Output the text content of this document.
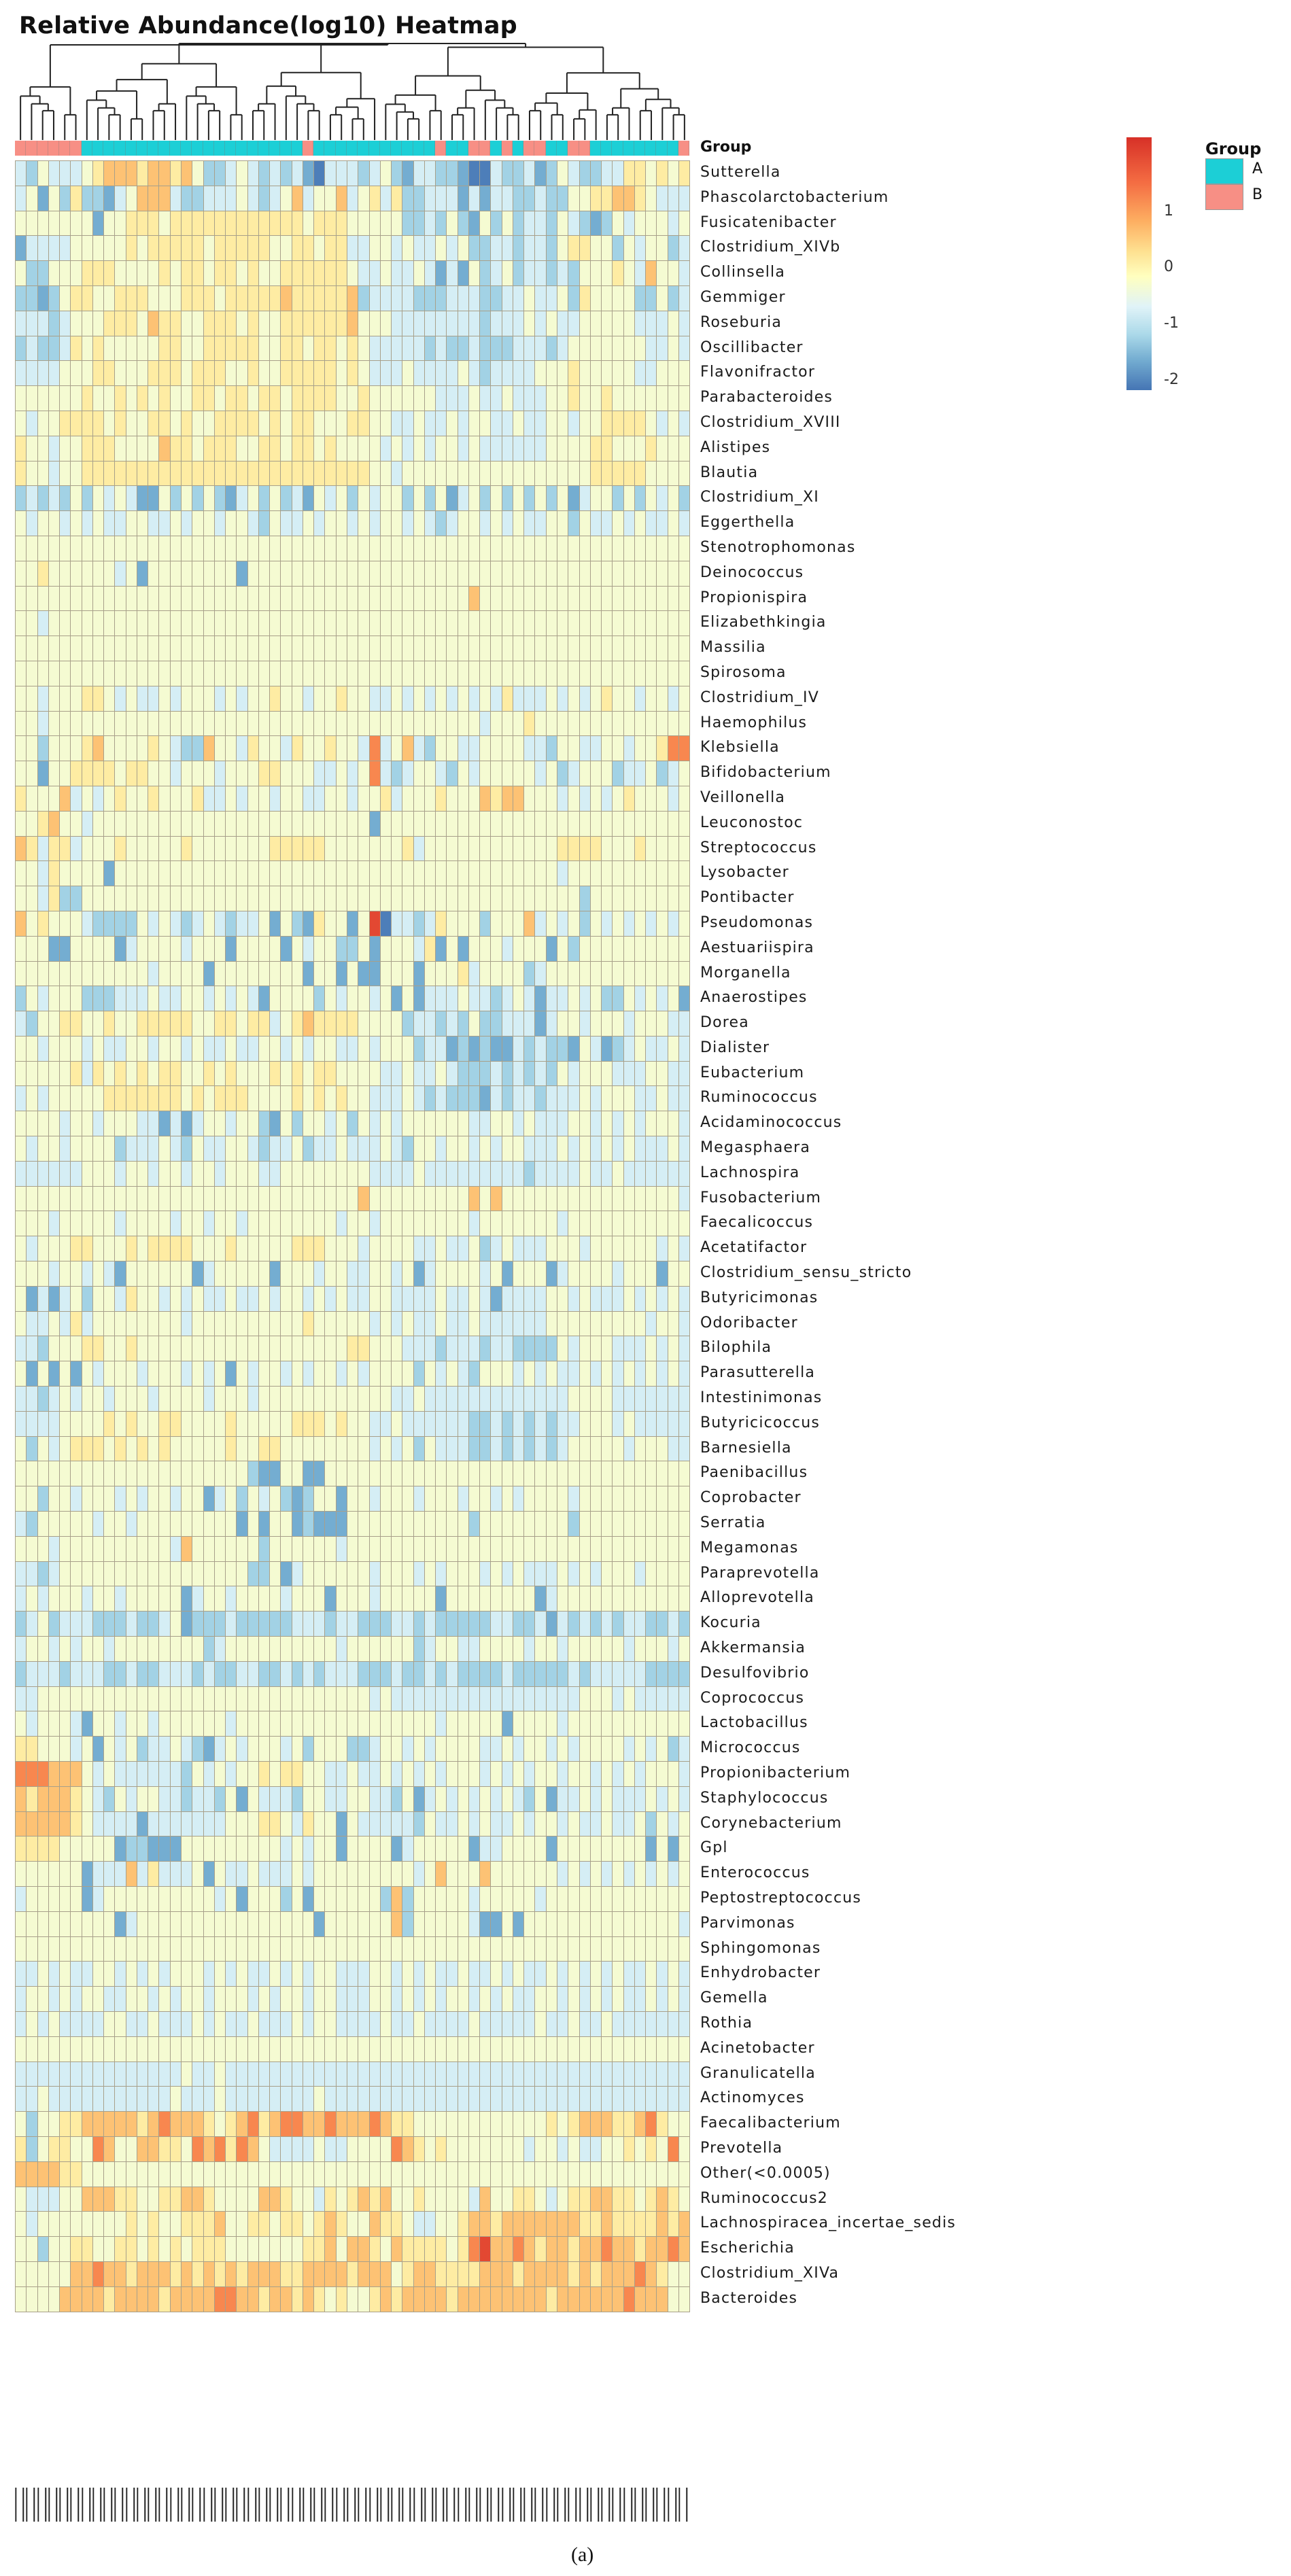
Relative Abundance(log10) Heatmap
Group
Sutterella
Phascolarctobacterium
Fusicatenibacter
Clostridium_XIVb
Collinsella
Gemmiger
Roseburia
Oscillibacter
Flavonifractor
Parabacteroides
Clostridium_XVIII
Alistipes
Blautia
Clostridium_XI
Eggerthella
Stenotrophomonas
Deinococcus
Propionispira
Elizabethkingia
Massilia
Spirosoma
Clostridium_IV
Haemophilus
Klebsiella
Bifidobacterium
Veillonella
Leuconostoc
Streptococcus
Lysobacter
Pontibacter
Pseudomonas
Aestuariispira
Morganella
Anaerostipes
Dorea
Dialister
Eubacterium
Ruminococcus
Acidaminococcus
Megasphaera
Lachnospira
Fusobacterium
Faecalicoccus
Acetatifactor
Clostridium_sensu_stricto
Butyricimonas
Odoribacter
Bilophila
Parasutterella
Intestinimonas
Butyricicoccus
Barnesiella
Paenibacillus
Coprobacter
Serratia
Megamonas
Paraprevotella
Alloprevotella
Kocuria
Akkermansia
Desulfovibrio
Coprococcus
Lactobacillus
Micrococcus
Propionibacterium
Staphylococcus
Corynebacterium
Gpl
Enterococcus
Peptostreptococcus
Parvimonas
Sphingomonas
Enhydrobacter
Gemella
Rothia
Acinetobacter
Granulicatella
Actinomyces
Faecalibacterium
Prevotella
Other(<0.0005)
Ruminococcus2
Lachnospiracea_incertae_sedis
Escherichia
Clostridium_XIVa
Bacteroides
1
0
-1
-2
Group
A
B
(a)
